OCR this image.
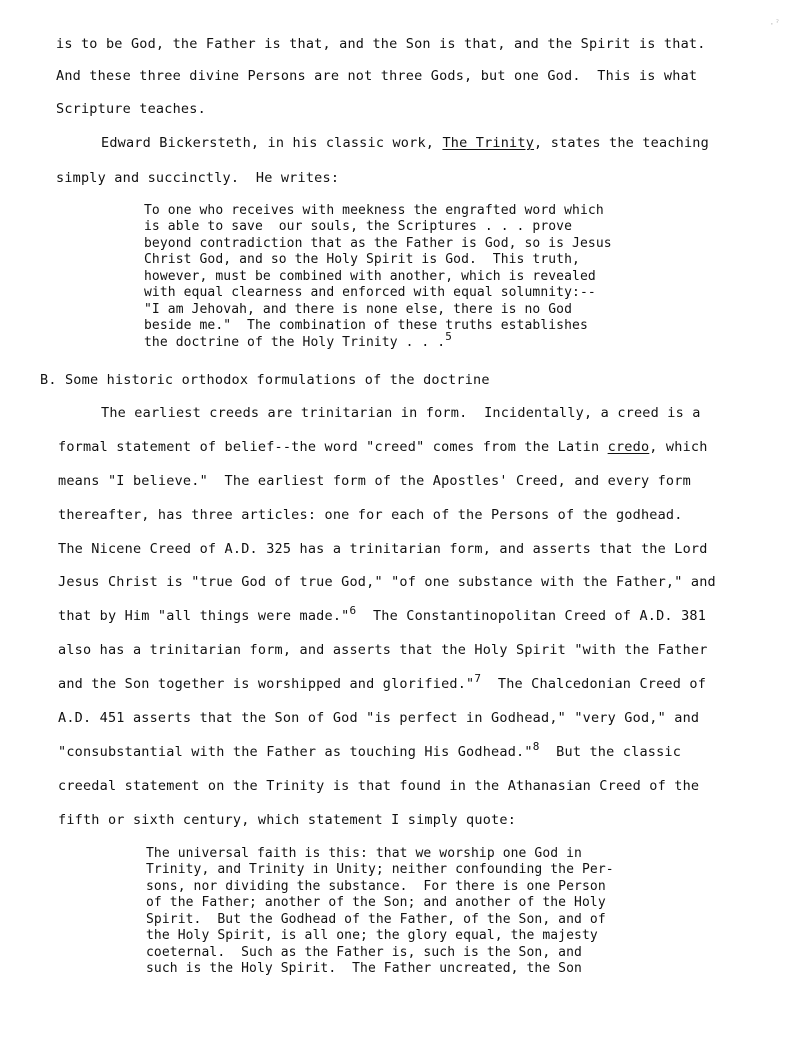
·ˀ
is to be God, the Father is that, and the Son is that, and the Spirit is that.
And these three divine Persons are not three Gods, but one God.  This is what
Scripture teaches.
Edward Bickersteth, in his classic work, The Trinity, states the teaching
simply and succinctly.  He writes:
To one who receives with meekness the engrafted word which
is able to save  our souls, the Scriptures . . . prove
beyond contradiction that as the Father is God, so is Jesus
Christ God, and so the Holy Spirit is God.  This truth,
however, must be combined with another, which is revealed
with equal clearness and enforced with equal solumnity:--
"I am Jehovah, and there is none else, there is no God
beside me."  The combination of these truths establishes
the doctrine of the Holy Trinity . . .$^5$
B. Some historic orthodox formulations of the doctrine
The earliest creeds are trinitarian in form.  Incidentally, a creed is a
formal statement of belief--the word "creed" comes from the Latin credo, which
means "I believe."  The earliest form of the Apostles' Creed, and every form
thereafter, has three articles: one for each of the Persons of the godhead.
The Nicene Creed of A.D. 325 has a trinitarian form, and asserts that the Lord
Jesus Christ is "true God of true God," "of one substance with the Father," and
that by Him "all things were made."$^6$  The Constantinopolitan Creed of A.D. 381
also has a trinitarian form, and asserts that the Holy Spirit "with the Father
and the Son together is worshipped and glorified."$^7$  The Chalcedonian Creed of
A.D. 451 asserts that the Son of God "is perfect in Godhead," "very God," and
"consubstantial with the Father as touching His Godhead."$^8$  But the classic
creedal statement on the Trinity is that found in the Athanasian Creed of the
fifth or sixth century, which statement I simply quote:
The universal faith is this: that we worship one God in
Trinity, and Trinity in Unity; neither confounding the Per-
sons, nor dividing the substance.  For there is one Person
of the Father; another of the Son; and another of the Holy
Spirit.  But the Godhead of the Father, of the Son, and of
the Holy Spirit, is all one; the glory equal, the majesty
coeternal.  Such as the Father is, such is the Son, and
such is the Holy Spirit.  The Father uncreated, the Son
